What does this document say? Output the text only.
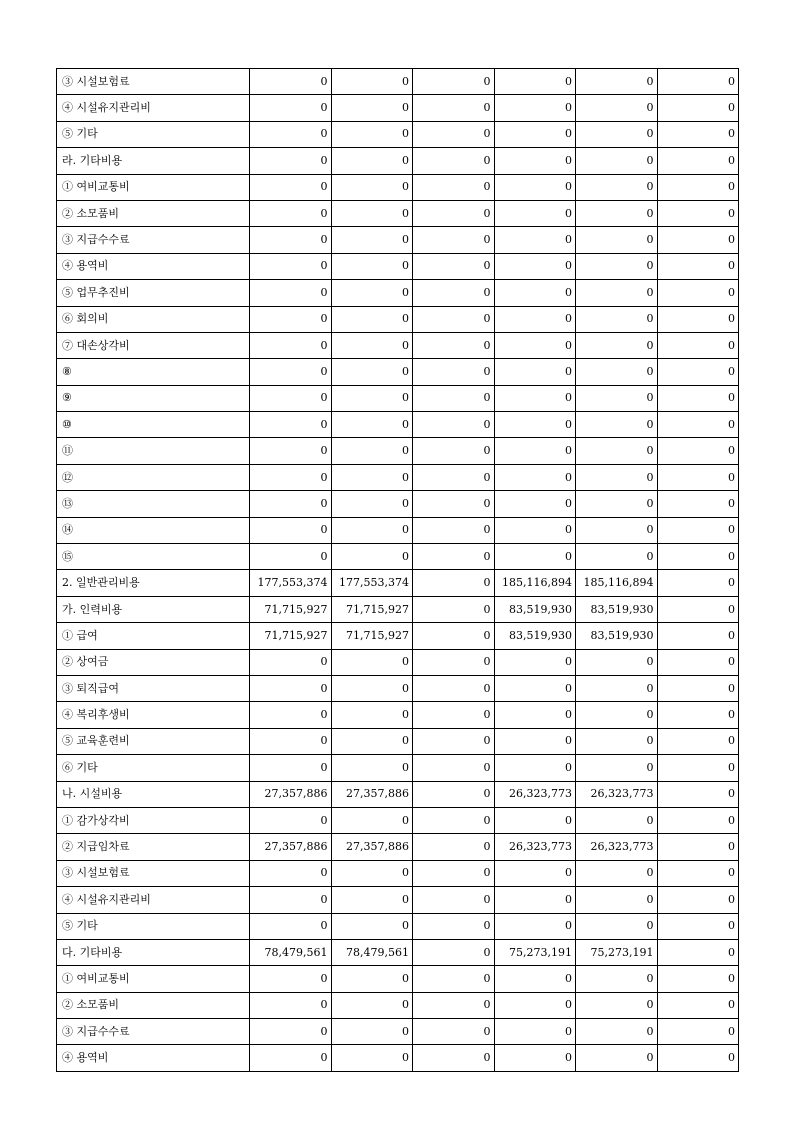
③ 시설보험료	0	0	0	0	0	0
④ 시설유지관리비	0	0	0	0	0	0
⑤ 기타	0	0	0	0	0	0
라. 기타비용	0	0	0	0	0	0
① 여비교통비	0	0	0	0	0	0
② 소모품비	0	0	0	0	0	0
③ 지급수수료	0	0	0	0	0	0
④ 용역비	0	0	0	0	0	0
⑤ 업무추진비	0	0	0	0	0	0
⑥ 회의비	0	0	0	0	0	0
⑦ 대손상각비	0	0	0	0	0	0
⑧	0	0	0	0	0	0
⑨	0	0	0	0	0	0
⑩	0	0	0	0	0	0
⑪	0	0	0	0	0	0
⑫	0	0	0	0	0	0
⑬	0	0	0	0	0	0
⑭	0	0	0	0	0	0
⑮	0	0	0	0	0	0
2. 일반관리비용	177,553,374	177,553,374	0	185,116,894	185,116,894	0
가. 인력비용	71,715,927	71,715,927	0	83,519,930	83,519,930	0
① 급여	71,715,927	71,715,927	0	83,519,930	83,519,930	0
② 상여금	0	0	0	0	0	0
③ 퇴직급여	0	0	0	0	0	0
④ 복리후생비	0	0	0	0	0	0
⑤ 교육훈련비	0	0	0	0	0	0
⑥ 기타	0	0	0	0	0	0
나. 시설비용	27,357,886	27,357,886	0	26,323,773	26,323,773	0
① 감가상각비	0	0	0	0	0	0
② 지급임차료	27,357,886	27,357,886	0	26,323,773	26,323,773	0
③ 시설보험료	0	0	0	0	0	0
④ 시설유지관리비	0	0	0	0	0	0
⑤ 기타	0	0	0	0	0	0
다. 기타비용	78,479,561	78,479,561	0	75,273,191	75,273,191	0
① 여비교통비	0	0	0	0	0	0
② 소모품비	0	0	0	0	0	0
③ 지급수수료	0	0	0	0	0	0
④ 용역비	0	0	0	0	0	0
